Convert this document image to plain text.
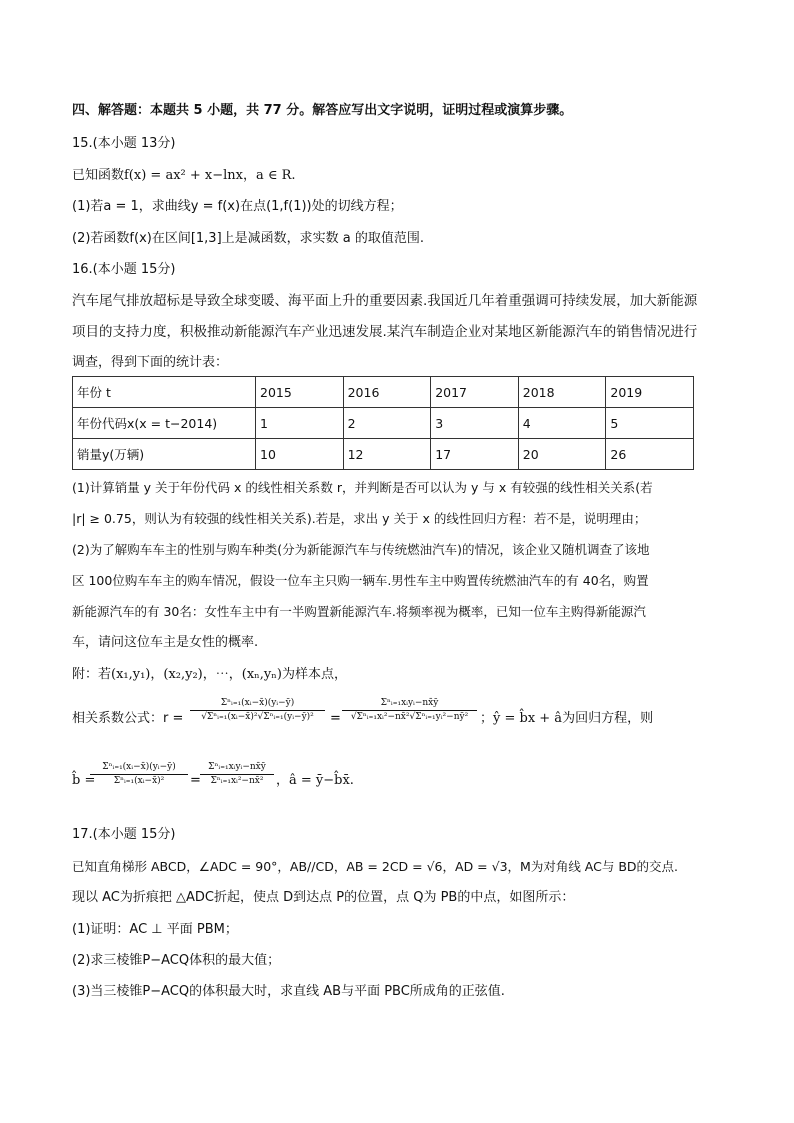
四、解答题：本题共 5 小题，共 77 分。解答应写出文字说明，证明过程或演算步骤。
15.(本小题 13分)
已知函数f(x) = ax² + x−lnx，a ∈ R.
(1)若a = 1，求曲线y = f(x)在点(1,f(1))处的切线方程；
(2)若函数f(x)在区间[1,3]上是减函数，求实数 a 的取值范围.
16.(本小题 15分)
汽车尾气排放超标是导致全球变暖、海平面上升的重要因素.我国近几年着重强调可持续发展，加大新能源
项目的支持力度，积极推动新能源汽车产业迅速发展.某汽车制造企业对某地区新能源汽车的销售情况进行
调查，得到下面的统计表：
年份 t	2015	2016	2017	2018	2019
年份代码x(x = t−2014)	1	2	3	4	5
销量y(万辆)	10	12	17	20	26
(1)计算销量 y 关于年份代码 x 的线性相关系数 r，并判断是否可以认为 y 与 x 有较强的线性相关关系(若
|r| ≥ 0.75，则认为有较强的线性相关关系).若是，求出 y 关于 x 的线性回归方程：若不是，说明理由；
(2)为了解购车车主的性别与购车种类(分为新能源汽车与传统燃油汽车)的情况，该企业又随机调查了该地
区 100位购车车主的购车情况，假设一位车主只购一辆车.男性车主中购置传统燃油汽车的有 40名，购置
新能源汽车的有 30名：女性车主中有一半购置新能源汽车.将频率视为概率，已知一位车主购得新能源汽
车，请问这位车主是女性的概率.
附：若(x₁,y₁)，(x₂,y₂)，⋯，(xₙ,yₙ)为样本点，
相关系数公式：r =
Σⁿᵢ₌₁(xᵢ−x̄)(yᵢ−ȳ)
√Σⁿᵢ₌₁(xᵢ−x̄)²√Σⁿᵢ₌₁(yᵢ−ȳ)²	=
Σⁿᵢ₌₁xᵢyᵢ−nx̄ȳ
√Σⁿᵢ₌₁xᵢ²−nx̄²√Σⁿᵢ₌₁yᵢ²−nȳ² ；ŷ = b̂x + â为回归方程，则
b̂ =
Σⁿᵢ₌₁(xᵢ−x̄)(yᵢ−ȳ)
Σⁿᵢ₌₁(xᵢ−x̄)²	=
Σⁿᵢ₌₁xᵢyᵢ−nx̄ȳ
Σⁿᵢ₌₁xᵢ²−nx̄² ，â = ȳ−b̂x̄.
17.(本小题 15分)
已知直角梯形 ABCD，∠ADC = 90°，AB//CD，AB = 2CD = √6，AD = √3，M为对角线 AC与 BD的交点.
现以 AC为折痕把 △ADC折起，使点 D到达点 P的位置，点 Q为 PB的中点，如图所示：
(1)证明：AC ⊥ 平面 PBM；
(2)求三棱锥P−ACQ体积的最大值；
(3)当三棱锥P−ACQ的体积最大时，求直线 AB与平面 PBC所成角的正弦值.
